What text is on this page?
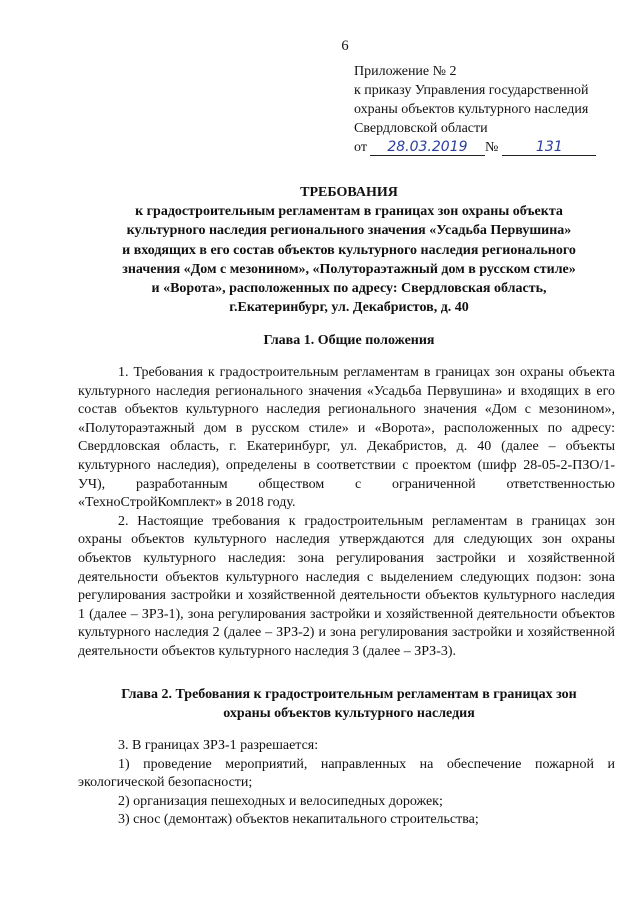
6
Приложение № 2
к приказу Управления государственной
охраны объектов культурного наследия
Свердловской области
от 28.03.2019 №	131
ТРЕБОВАНИЯ
к градостроительным регламентам в границах зон охраны объекта
культурного наследия регионального значения «Усадьба Первушина»
и входящих в его состав объектов культурного наследия регионального
значения «Дом с мезонином», «Полутораэтажный дом в русском стиле»
и «Ворота», расположенных по адресу: Свердловская область,
г.Екатеринбург, ул. Декабристов, д. 40
Глава 1. Общие положения

1. Требования к градостроительным регламентам в границах зон охраны объекта культурного наследия регионального значения «Усадьба Первушина» и входящих в его состав объектов культурного наследия регионального значения «Дом с мезонином», «Полутораэтажный дом в русском стиле» и «Ворота», расположенных по адресу: Свердловская область, г. Екатеринбург, ул. Декабристов, д. 40 (далее – объекты культурного наследия), определены в соответствии с проектом (шифр 28-05-2-ПЗО/1-УЧ), разработанным обществом с ограниченной ответственностью «ТехноСтройКомплект» в 2018 году.

2. Настоящие требования к градостроительным регламентам в границах зон охраны объектов культурного наследия утверждаются для следующих зон охраны объектов культурного наследия: зона регулирования застройки и хозяйственной деятельности объектов культурного наследия с выделением следующих подзон: зона регулирования застройки и хозяйственной деятельности объектов культурного наследия 1 (далее – ЗРЗ-1), зона регулирования застройки и хозяйственной деятельности объектов культурного наследия 2 (далее – ЗРЗ-2) и зона регулирования застройки и хозяйственной деятельности объектов культурного наследия 3 (далее – ЗРЗ-3).

Глава 2. Требования к градостроительным регламентам в границах зон
охраны объектов культурного наследия

3. В границах ЗРЗ-1 разрешается:

1) проведение мероприятий, направленных на обеспечение пожарной и экологической безопасности;

2) организация пешеходных и велосипедных дорожек;

3) снос (демонтаж) объектов некапитального строительства;
